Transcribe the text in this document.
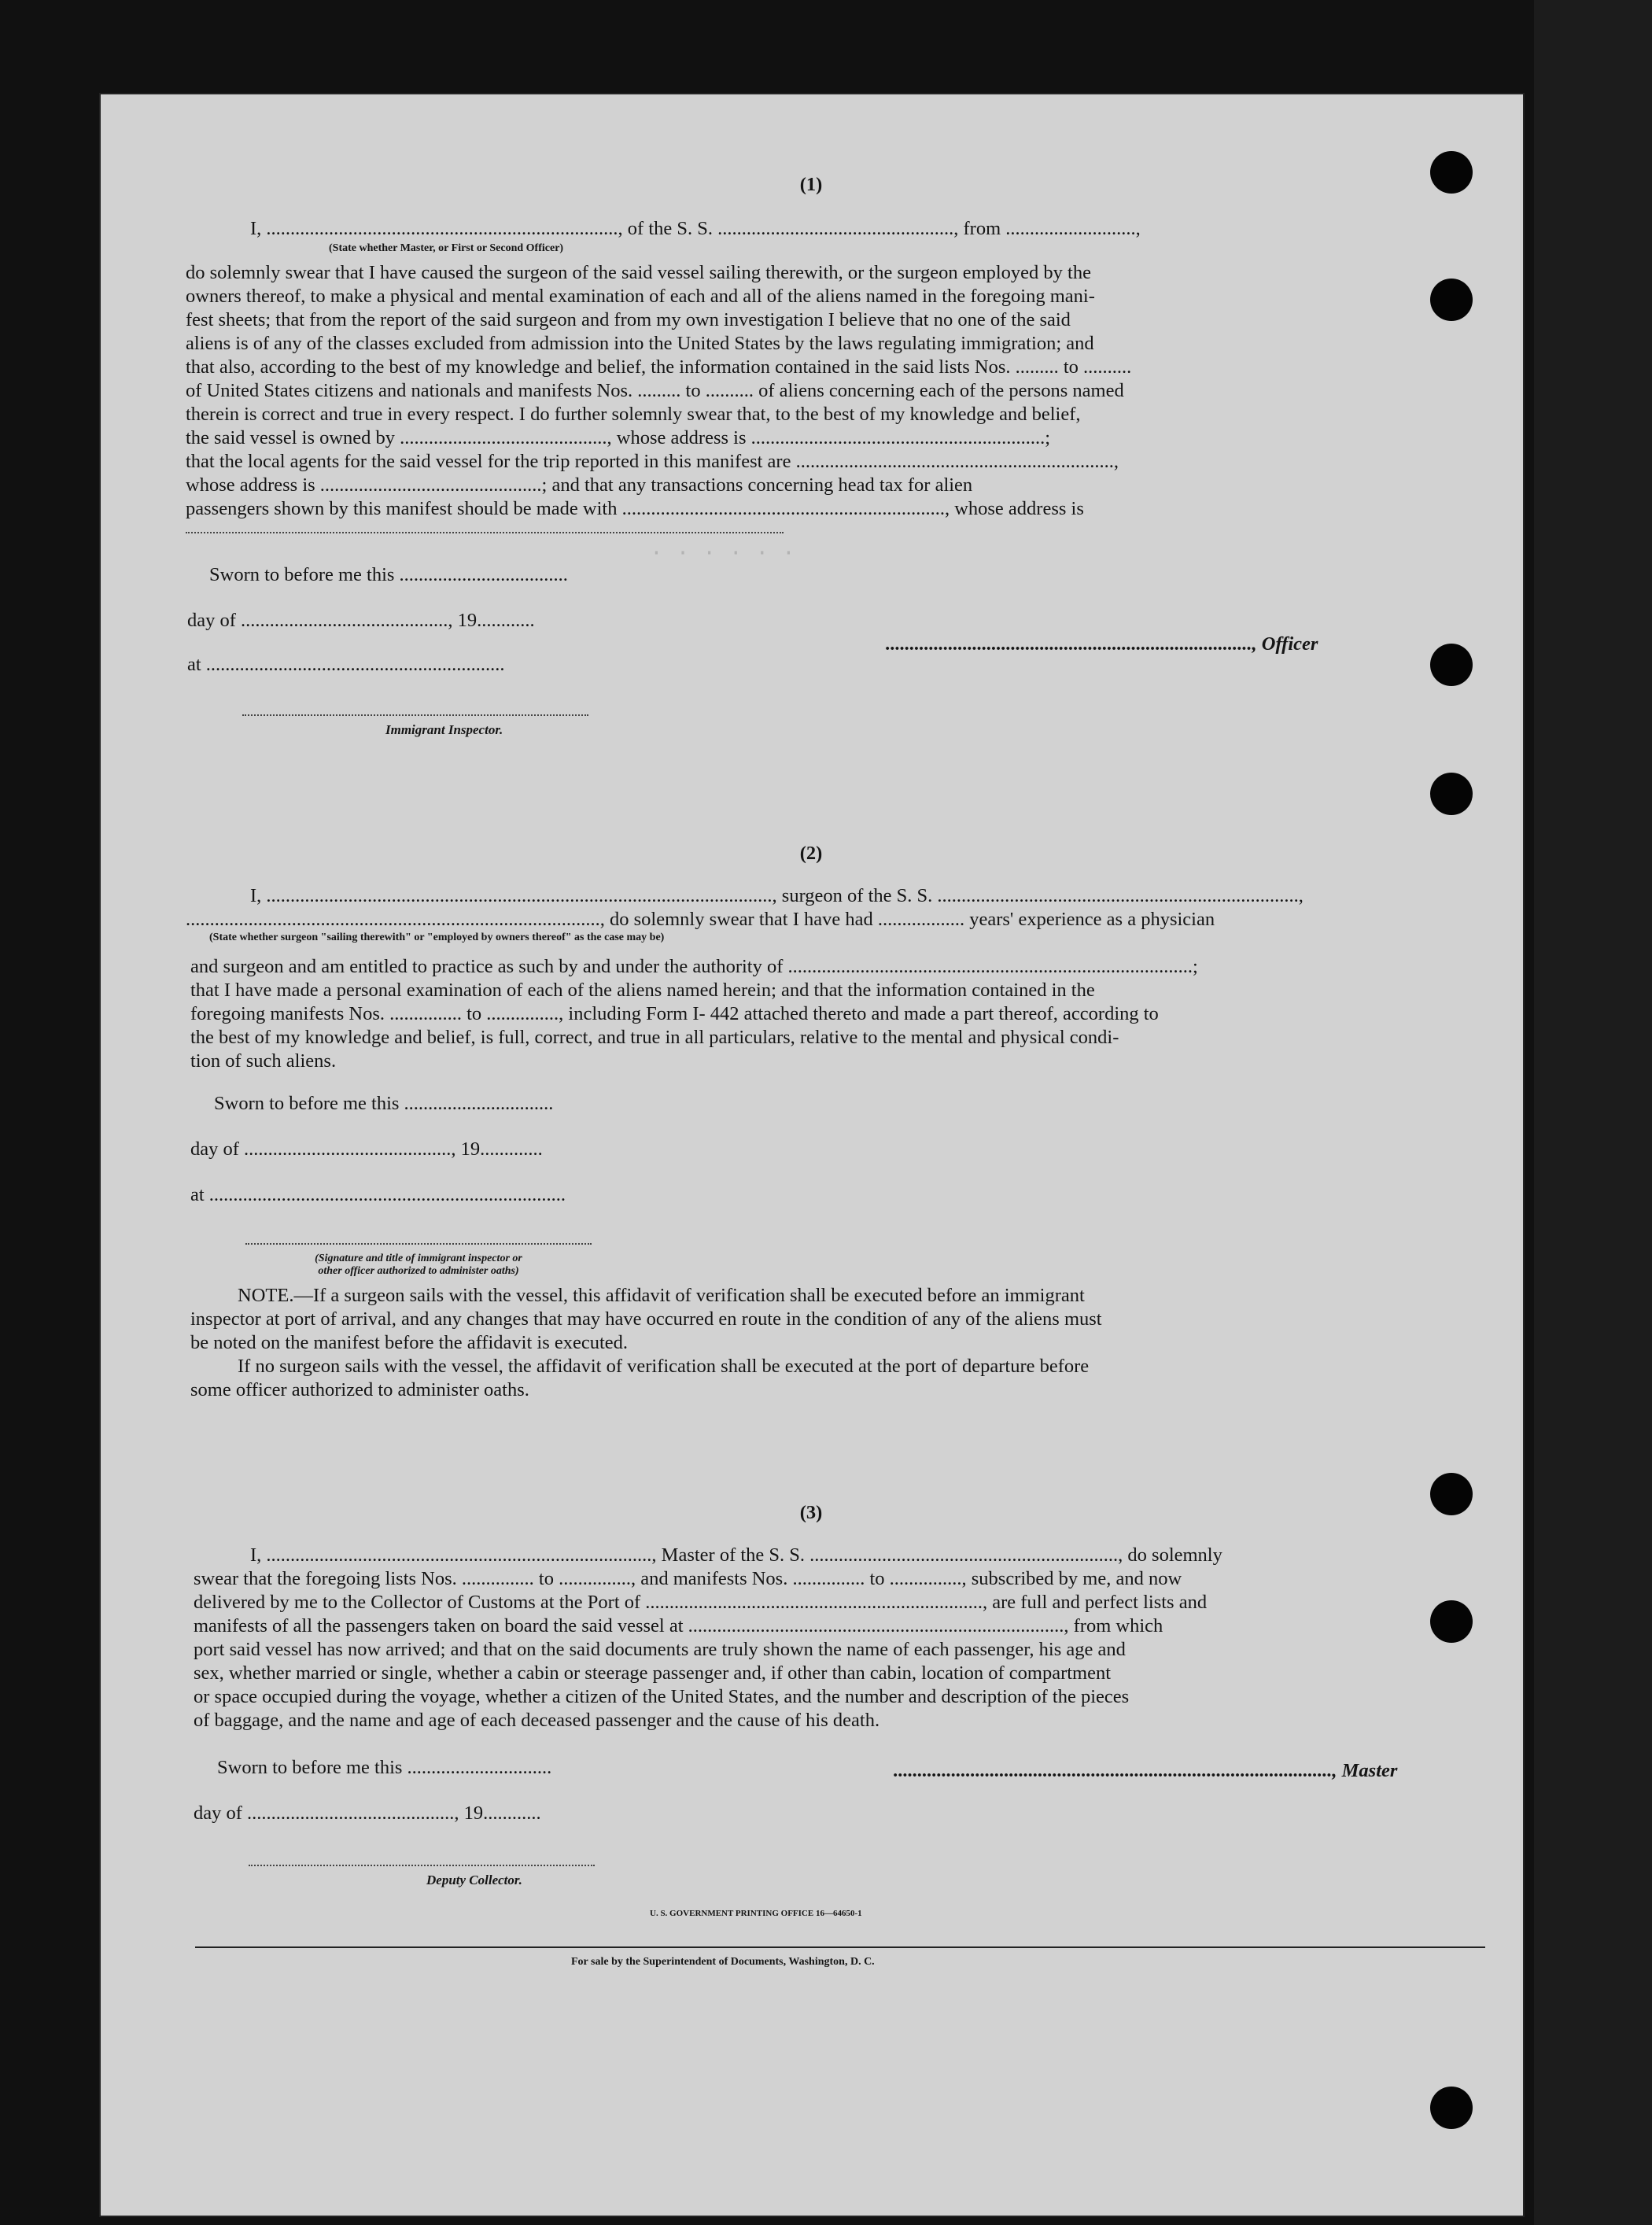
· · · · · ·
(1)
I, ........................................................................., of the S. S. ................................................., from ...........................,
(State whether Master, or First or Second Officer)
do solemnly swear that I have caused the surgeon of the said vessel sailing therewith, or the surgeon employed by the
owners thereof, to make a physical and mental examination of each and all of the aliens named in the foregoing mani-
fest sheets; that from the report of the said surgeon and from my own investigation I believe that no one of the said
aliens is of any of the classes excluded from admission into the United States by the laws regulating immigration; and
that also, according to the best of my knowledge and belief, the information contained in the said lists Nos. ......... to ..........
of United States citizens and nationals and manifests Nos. ......... to .......... of aliens concerning each of the persons named
therein is correct and true in every respect. I do further solemnly swear that, to the best of my knowledge and belief,
the said vessel is owned by ..........................................., whose address is .............................................................;
that the local agents for the said vessel for the trip reported in this manifest are ..................................................................,
whose address is ..............................................; and that any transactions concerning head tax for alien
passengers shown by this manifest should be made with ..................................................................., whose address is
Sworn to before me this ...................................
day of ..........................................., 19............
............................................................................, Officer
at ..............................................................
Immigrant Inspector.
(2)
I, ........................................................................................................., surgeon of the S. S. ...........................................................................,
......................................................................................, do solemnly swear that I have had .................. years' experience as a physician
(State whether surgeon "sailing therewith" or "employed by owners thereof" as the case may be)
and surgeon and am entitled to practice as such by and under the authority of ....................................................................................;
that I have made a personal examination of each of the aliens named herein; and that the information contained in the
foregoing manifests Nos. ............... to ..............., including Form I- 442 attached thereto and made a part thereof, according to
the best of my knowledge and belief, is full, correct, and true in all particulars, relative to the mental and physical condi-
tion of such aliens.
Sworn to before me this ...............................
day of ..........................................., 19.............
at ..........................................................................
(Signature and title of immigrant inspector or
other officer authorized to administer oaths)
NOTE.—If a surgeon sails with the vessel, this affidavit of verification shall be executed before an immigrant
inspector at port of arrival, and any changes that may have occurred en route in the condition of any of the aliens must
be noted on the manifest before the affidavit is executed.
If no surgeon sails with the vessel, the affidavit of verification shall be executed at the port of departure before
some officer authorized to administer oaths.
(3)
I, ................................................................................, Master of the S. S. ................................................................, do solemnly
swear that the foregoing lists Nos. ............... to ..............., and manifests Nos. ............... to ..............., subscribed by me, and now
delivered by me to the Collector of Customs at the Port of ......................................................................, are full and perfect lists and
manifests of all the passengers taken on board the said vessel at .............................................................................., from which
port said vessel has now arrived; and that on the said documents are truly shown the name of each passenger, his age and
sex, whether married or single, whether a cabin or steerage passenger and, if other than cabin, location of compartment
or space occupied during the voyage, whether a citizen of the United States, and the number and description of the pieces
of baggage, and the name and age of each deceased passenger and the cause of his death.
Sworn to before me this ..............................	..........................................................................................., Master
day of ..........................................., 19............
Deputy Collector.
U. S. GOVERNMENT PRINTING OFFICE 16—64650-1
For sale by the Superintendent of Documents, Washington, D. C.
